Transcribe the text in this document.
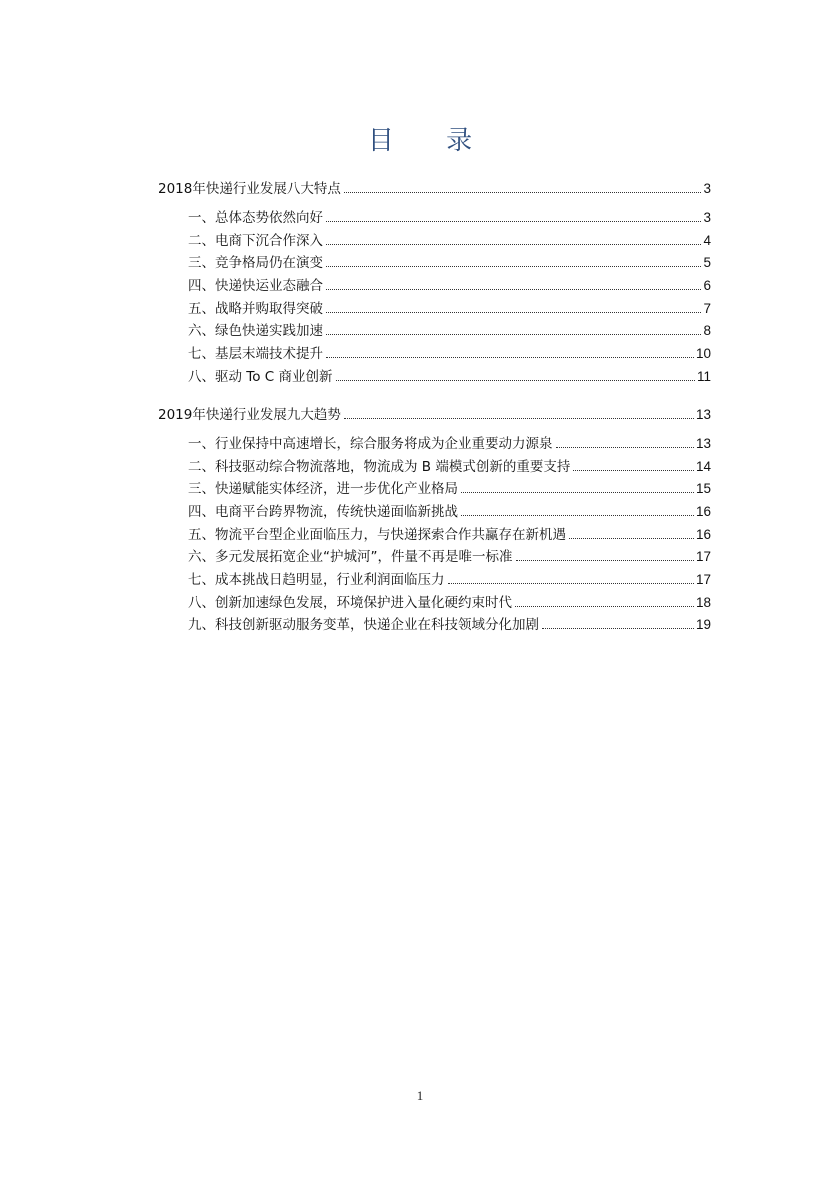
目 录
2018年快递行业发展八大特点	3
一、总体态势依然向好	3
二、电商下沉合作深入	4
三、竞争格局仍在演变	5
四、快递快运业态融合	6
五、战略并购取得突破	7
六、绿色快递实践加速	8
七、基层末端技术提升	10
八、驱动 To C 商业创新	11
2019年快递行业发展九大趋势	13
一、行业保持中高速增长，综合服务将成为企业重要动力源泉	13
二、科技驱动综合物流落地，物流成为 B 端模式创新的重要支持	14
三、快递赋能实体经济，进一步优化产业格局	15
四、电商平台跨界物流，传统快递面临新挑战	16
五、物流平台型企业面临压力，与快递探索合作共赢存在新机遇	16
六、多元发展拓宽企业“护城河”，件量不再是唯一标准	17
七、成本挑战日趋明显，行业利润面临压力	17
八、创新加速绿色发展，环境保护进入量化硬约束时代	18
九、科技创新驱动服务变革，快递企业在科技领域分化加剧	19
1
